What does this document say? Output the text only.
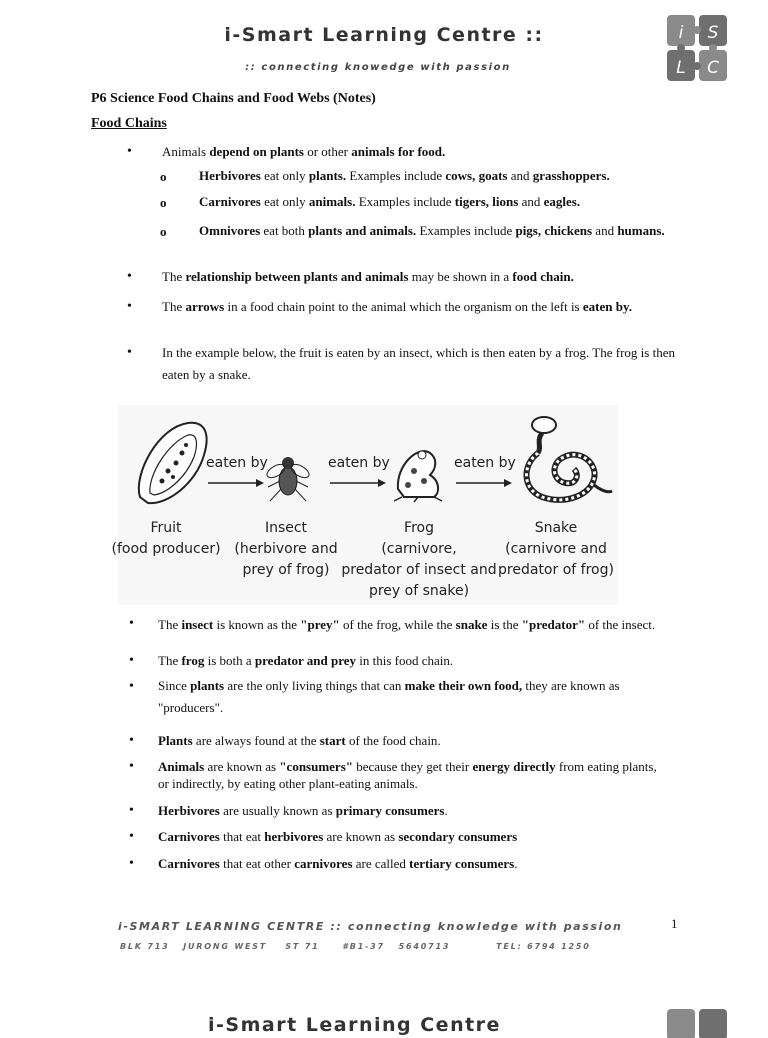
i-Smart Learning Centre ::
:: connecting knowedge with passion
i S
L C
P6 Science Food Chains and Food Webs (Notes)
Food Chains
• Animals depend on plants or other animals for food.
o	Herbivores eat only plants. Examples include cows, goats and grasshoppers.
o	Carnivores eat only animals. Examples include tigers, lions and eagles.
o	Omnivores eat both plants and animals. Examples include pigs, chickens and humans.
• The relationship between plants and animals may be shown in a food chain.
• The arrows in a food chain point to the animal which the organism on the left is eaten by.
• In the example below, the fruit is eaten by an insect, which is then eaten by a frog. The frog is then eaten by a snake.
eaten by	eaten by	eaten by
Fruit
(food producer)
Insect
(herbivore and
prey of frog)
Frog
(carnivore,
predator of insect and
prey of snake)
Snake
(carnivore and
predator of frog)
• The insect is known as the "prey" of the frog, while the snake is the "predator" of the insect.
• The frog is both a predator and prey in this food chain.
• Since plants are the only living things that can make their own food, they are known as "producers".
• Plants are always found at the start of the food chain.
• Animals are known as "consumers" because they get their energy directly from eating plants, or indirectly, by eating other plant-eating animals.
• Herbivores are usually known as primary consumers.
• Carnivores that eat herbivores are known as secondary consumers
• Carnivores that eat other carnivores are called tertiary consumers.
i-SMART LEARNING CENTRE :: connecting knowledge with passion
BLK 713   JURONG WEST    ST 71     #B1-37   5640713          TEL: 6794 1250
1
i-Smart Learning Centre
